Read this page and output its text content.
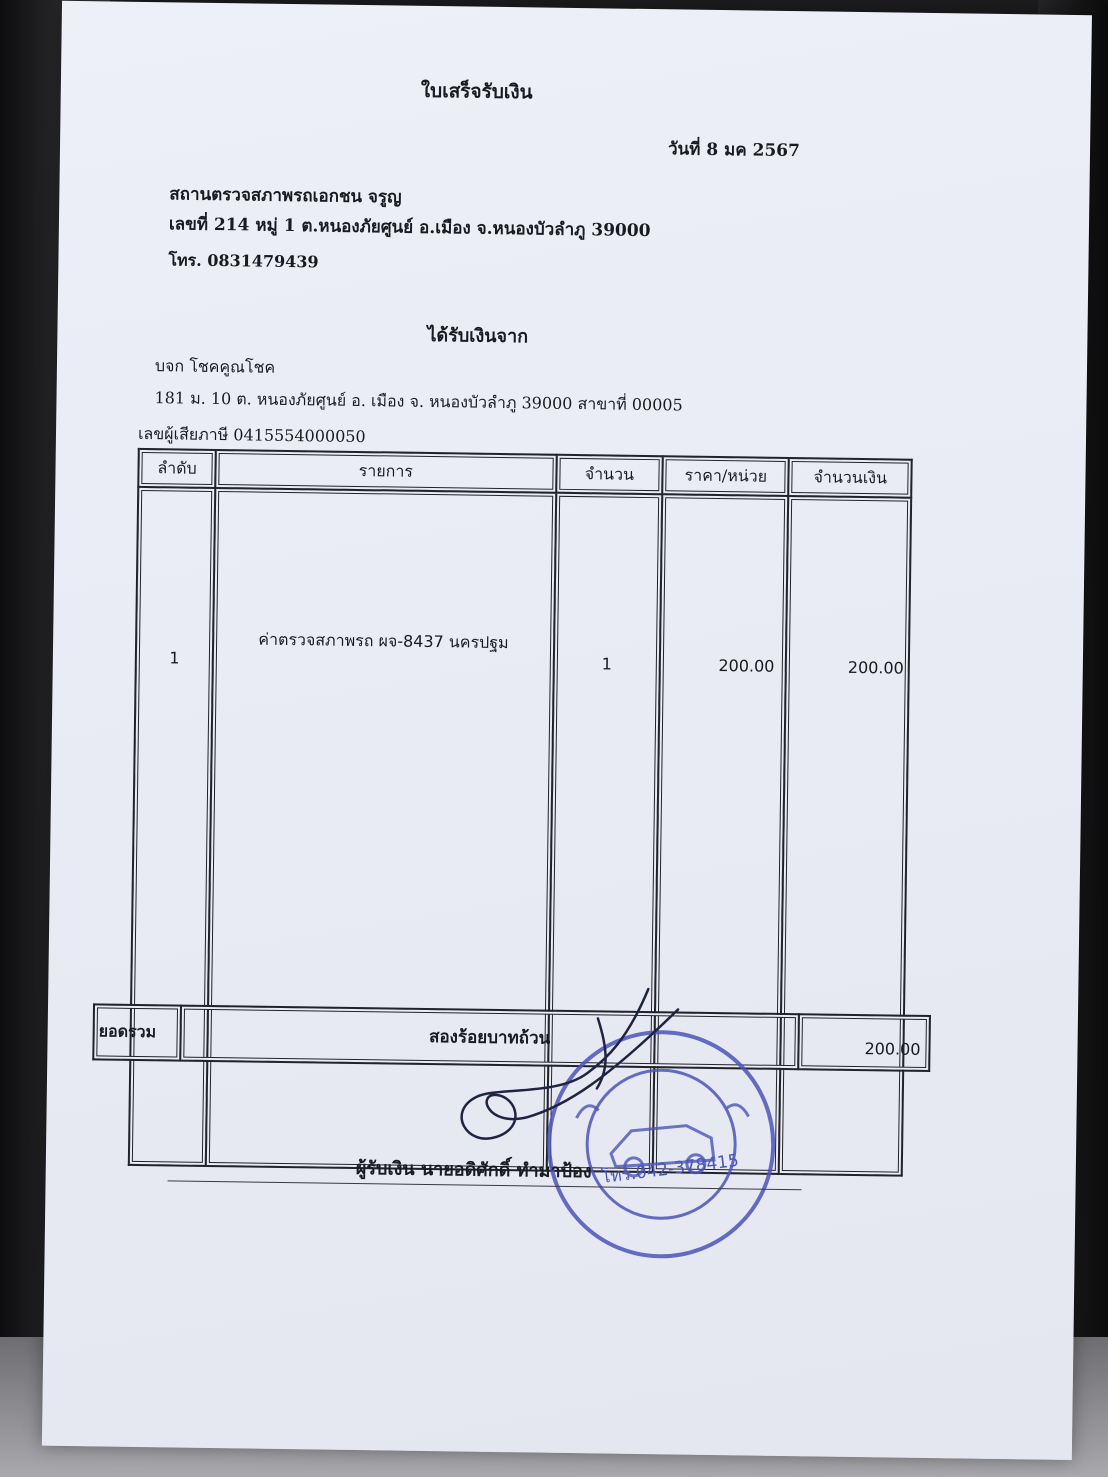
ใบเสร็จรับเงิน
วันที่ 8 มค 2567
สถานตรวจสภาพรถเอกชน จรูญ
เลขที่ 214 หมู่ 1 ต.หนองภัยศูนย์ อ.เมือง จ.หนองบัวลำภู 39000
โทร. 0831479439
ได้รับเงินจาก
บจก โชคคูณโชค
181 ม. 10 ต. หนองภัยศูนย์ อ. เมือง จ. หนองบัวลำภู 39000 สาขาที่ 00005
เลขผู้เสียภาษี 0415554000050
ลำดับ	รายการ	จำนวน	ราคา/หน่วย	จำนวนเงิน
1	ค่าตรวจสภาพรถ ผจ-8437 นครปฐม	1	200.00	200.00
ยอดรวม	สองร้อยบาทถ้วน	200.00
โทร.042-378415
ผู้รับเงิน นายอดิศักดิ์ ทำมาป้อง
